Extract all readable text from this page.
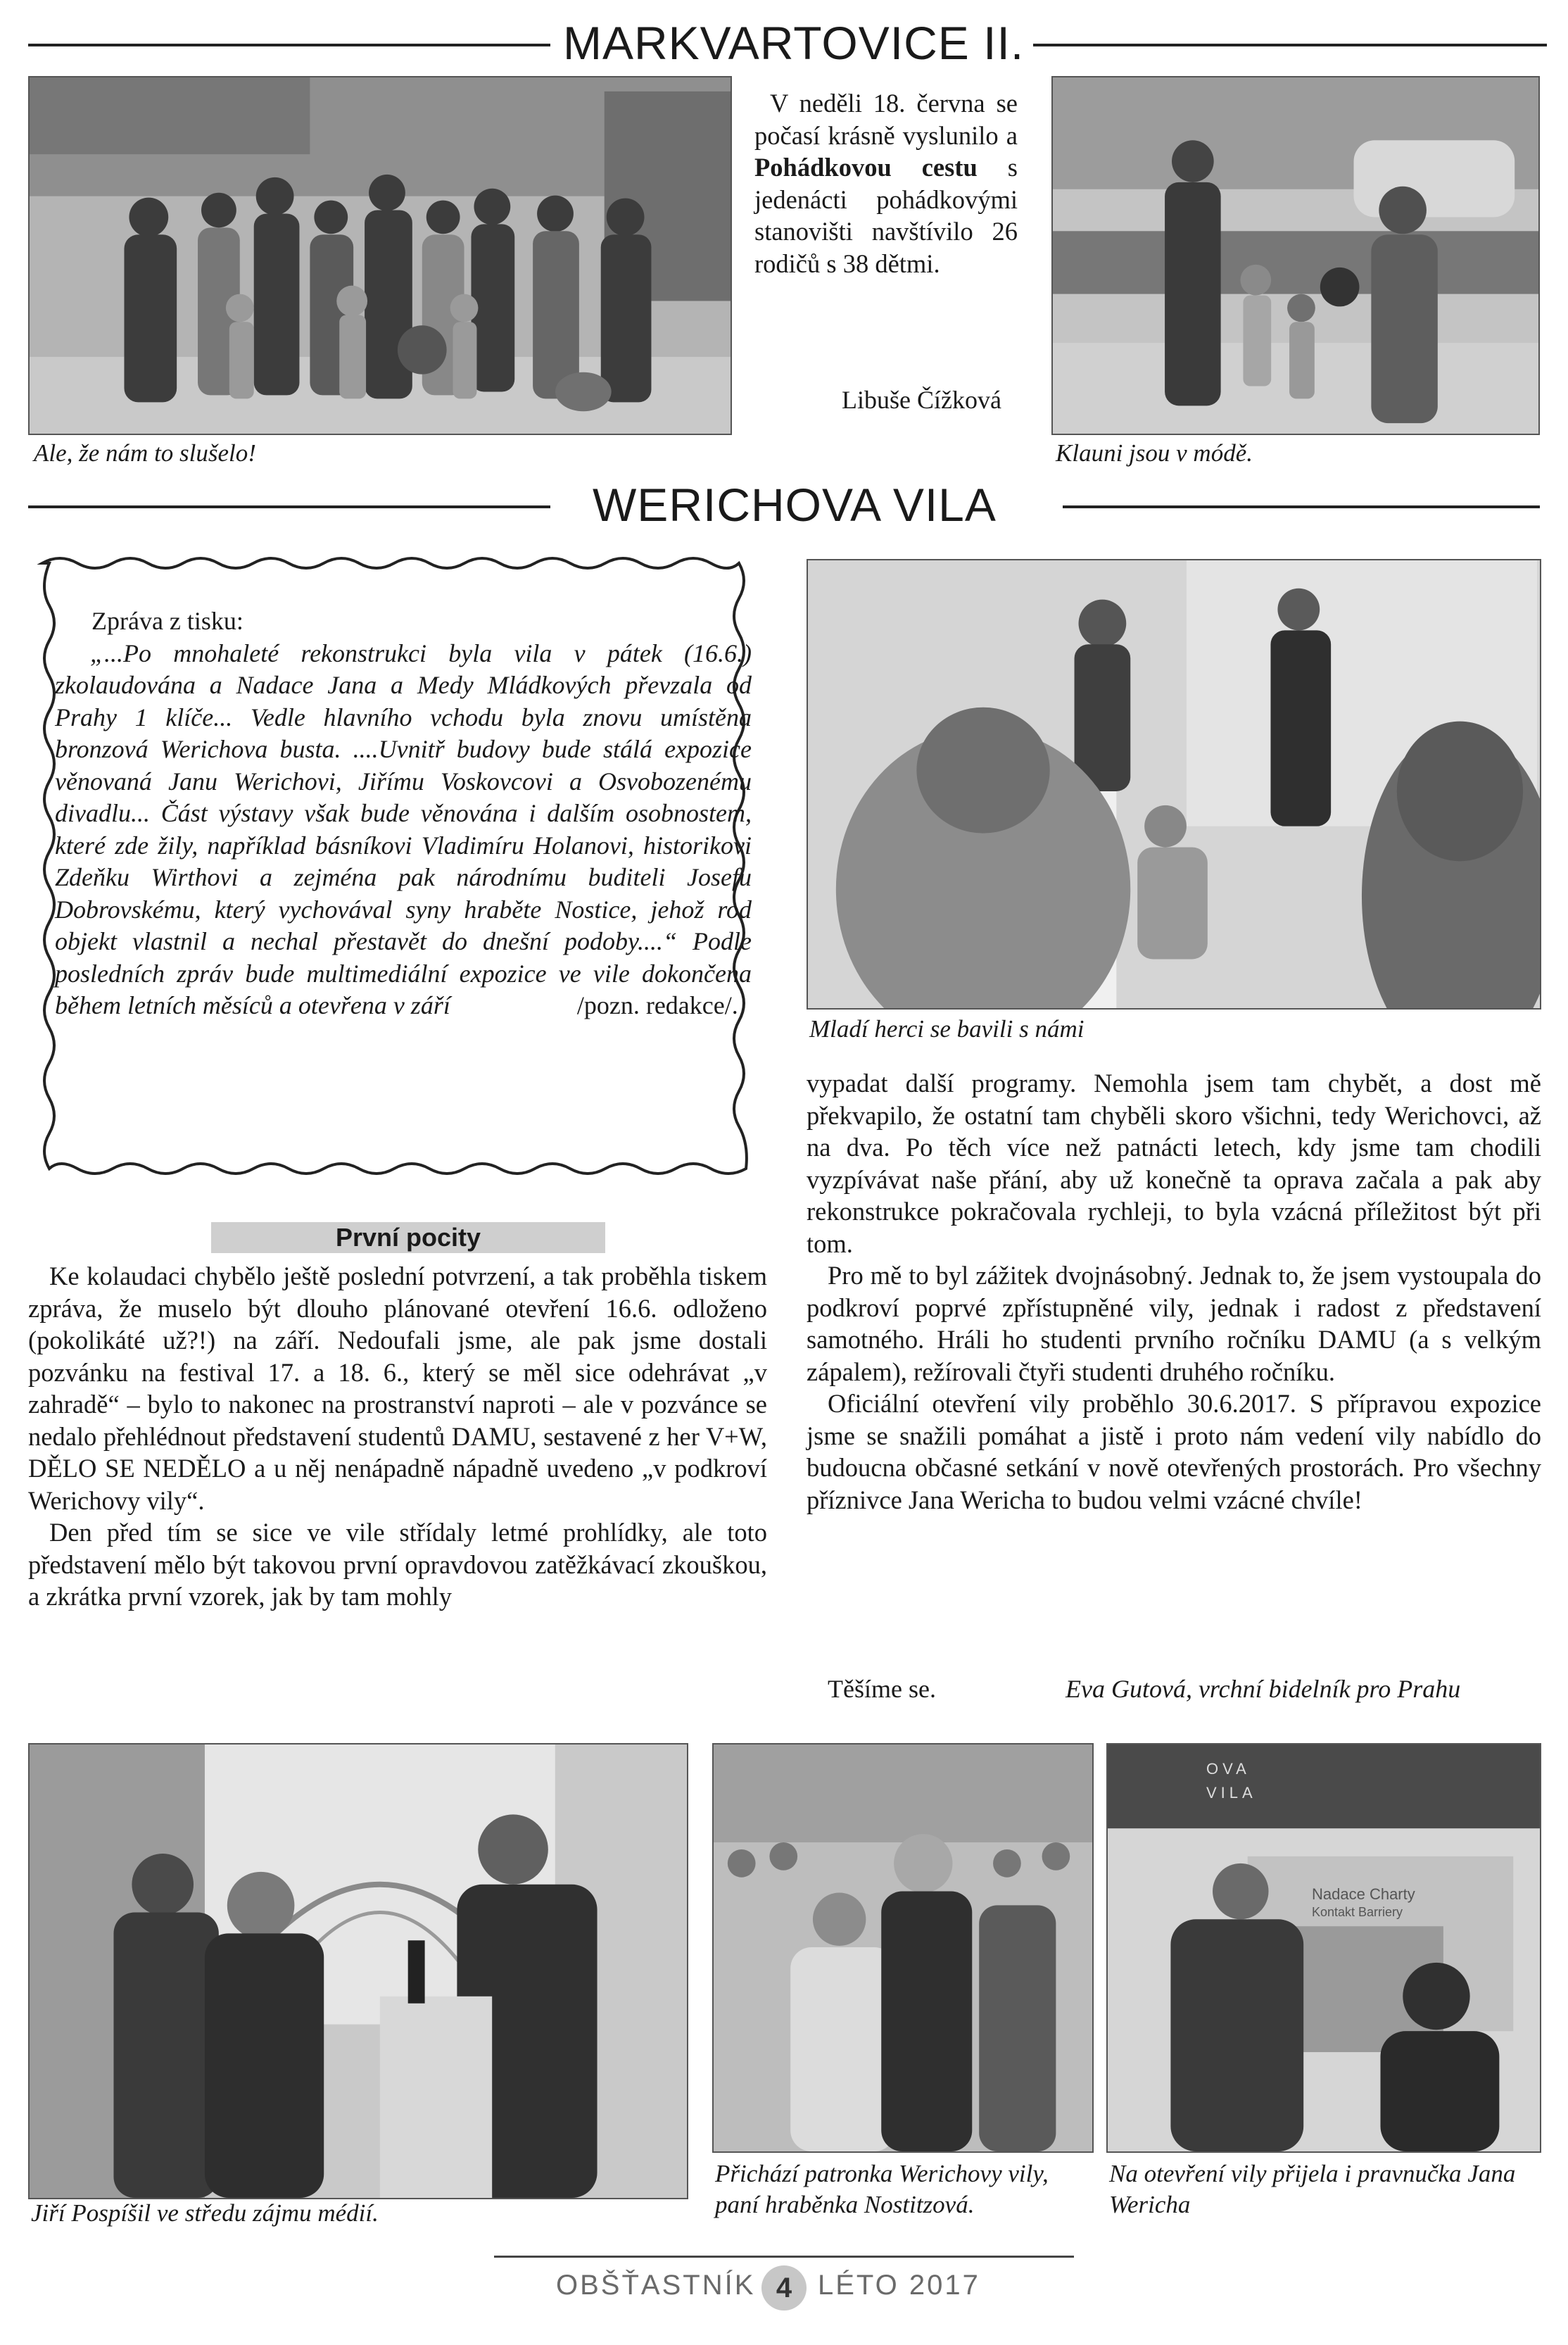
MARKVARTOVICE II.
Ale, že nám to slušelo!

V neděli 18. června se počasí krásně vyslunilo a Pohádkovou cestu s jedenácti pohádkovými stanovišti navštívilo 26 rodičů s 38 dětmi.

Libuše Čížková
Klauni jsou v módě.
WERICHOVA VILA

Zpráva z tisku:

„...Po mnohaleté rekonstrukci byla vila v pátek (16.6.) zkolaudována a Nadace Jana a Medy Mládkových převzala od Prahy 1 klíče... Vedle hlavního vchodu byla znovu umístěna bronzová Werichova busta. ....Uvnitř budovy bude stálá expozice věnovaná Janu Werichovi, Jiřímu Voskovcovi a Osvobozenému divadlu... Část výstavy však bude věnována i dalším osobnostem, které zde žily, například básníkovi Vladimíru Holanovi, historikovi Zdeňku Wirthovi a zejména pak národnímu buditeli Josefu Dobrovskému, který vychovával syny hraběte Nostice, jehož rod objekt vlastnil a nechal přestavět do dnešní podoby....“ Podle posledních zpráv bude multimediální expozice ve vile dokončena během letních měsíců a otevřena v září	/pozn. redakce/.

Mladí herci se bavili s námi
První pocity

Ke kolaudaci chybělo ještě poslední potvrzení, a tak proběhla tiskem zpráva, že muselo být dlouho plánované otevření 16.6. odloženo (pokolikáté už?!) na září. Nedoufali jsme, ale pak jsme dostali pozvánku na festival 17. a 18. 6., který se měl sice odehrávat „v zahradě“ – bylo to nakonec na prostranství naproti – ale v pozvánce se nedalo přehlédnout představení studentů DAMU, sestavené z her V+W, DĚLO SE NEDĚLO a u něj nenápadně nápadně uvedeno „v podkroví Werichovy vily“.

Den před tím se sice ve vile střídaly letmé prohlídky, ale toto představení mělo být takovou první opravdovou zatěžkávací zkouškou, a zkrátka první vzorek, jak by tam mohly

vypadat další programy. Nemohla jsem tam chybět, a dost mě překvapilo, že ostatní tam chyběli skoro všichni, tedy Werichovci, až na dva. Po těch více než patnácti letech, kdy jsme tam chodili vyzpívávat naše přání, aby už konečně ta oprava začala a pak aby rekonstrukce pokračovala rychleji, to byla vzácná příležitost být při tom.

Pro mě to byl zážitek dvojnásobný. Jednak to, že jsem vystoupala do podkroví poprvé zpřístupněné vily, jednak i radost z představení samotného. Hráli ho studenti prvního ročníku DAMU (a s velkým zápalem), režírovali čtyři studenti druhého ročníku.

Oficiální otevření vily proběhlo 30.6.2017. S přípravou expozice jsme se snažili pomáhat a jistě i proto nám vedení vily nabídlo do budoucna občasné setkání v nově otevřených prostorách. Pro všechny příznivce Jana Wericha to budou velmi vzácné chvíle!

Těšíme se.	Eva Gutová, vrchní bidelník pro Prahu
Jiří Pospíšil ve středu zájmu médií.
Přichází patronka Werichovy vily, paní hraběnka Nostitzová.
OVA VILA
Nadace Charty
Kontakt Barriery
Na otevření vily přijela i pravnučka Jana Wericha
OBŠŤASTNÍK 4 LÉTO 2017
